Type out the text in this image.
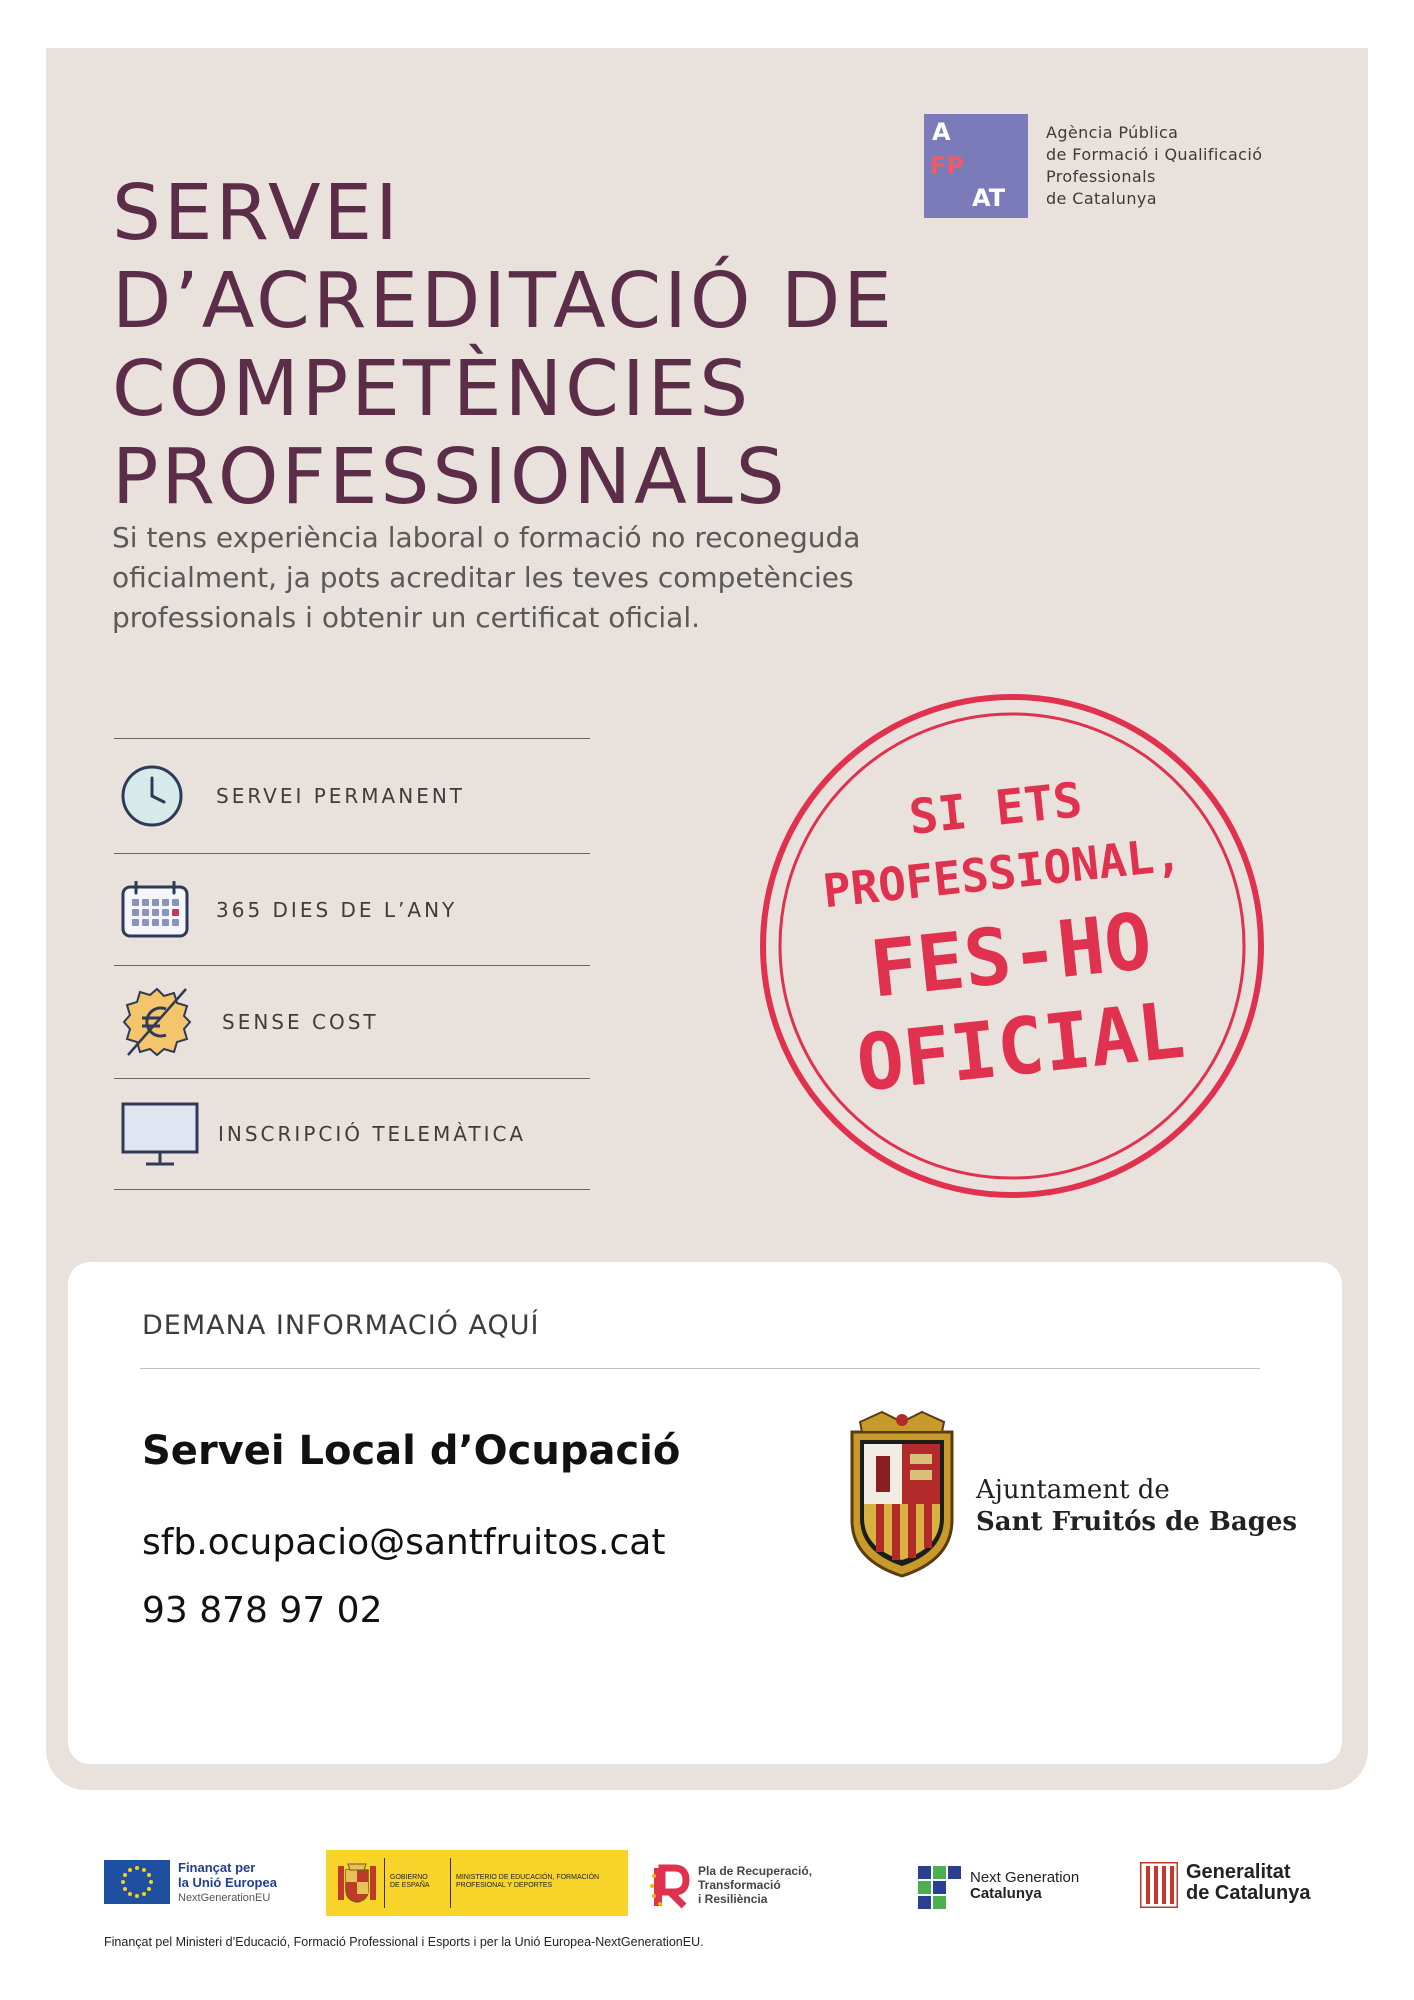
A
FP
AT
Agència Pública
de Formació i Qualificació
Professionals
de Catalunya
SERVEI
D’ACREDITACIÓ DE
COMPETÈNCIES
PROFESSIONALS

Si tens experiència laboral o formació no reconeguda oficialment, ja pots acreditar les teves competències professionals i obtenir un certificat oficial.

SERVEI PERMANENT
365 DIES DE L’ANY
SENSE COST
INSCRIPCIÓ TELEMÀTICA
SI ETS
PROFESSIONAL,
FES-HO
OFICIAL
DEMANA INFORMACIÓ AQUÍ
Servei Local d’Ocupació
sfb.ocupacio@santfruitos.cat
93 878 97 02
Ajuntament de
Sant Fruitós de Bages
Finançat per
la Unió Europea
NextGenerationEU
GOBIERNO DE ESPAÑA
MINISTERIO DE EDUCACIÓN, FORMACIÓN PROFESIONAL Y DEPORTES
Pla de Recuperació,
Transformació
i Resiliència
Next Generation
Catalunya
Generalitat
de Catalunya
Finançat pel Ministeri d’Educació, Formació Professional i Esports i per la Unió Europea-NextGenerationEU.
